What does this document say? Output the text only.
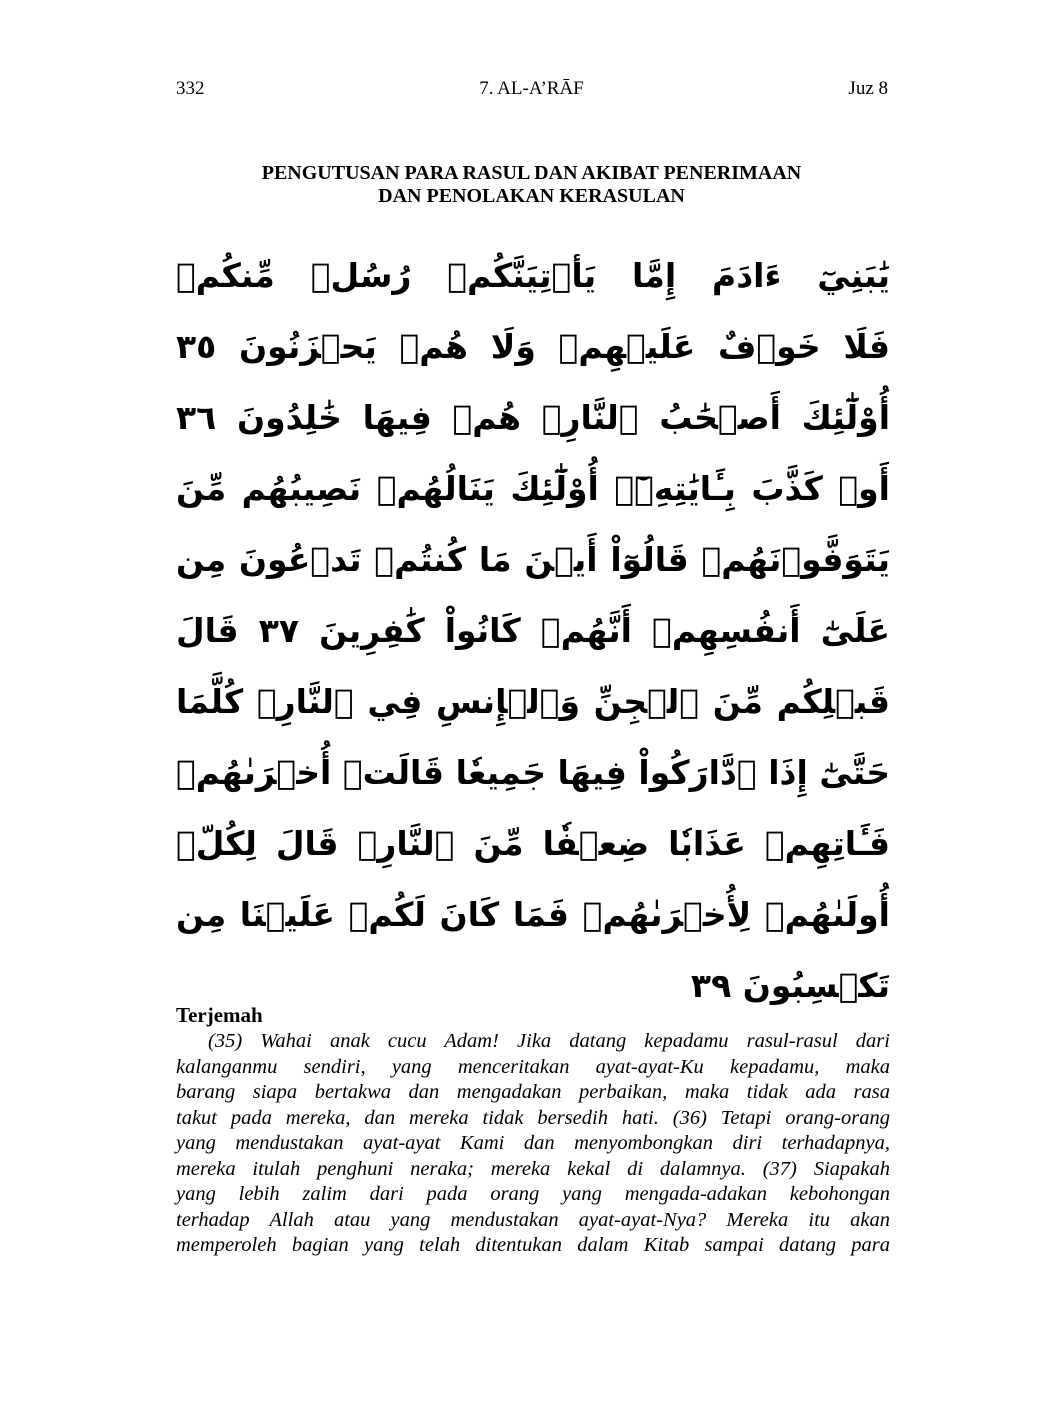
332	7. AL-A’RĀF	Juz 8
PENGUTUSAN PARA RASUL DAN AKIBAT PENERIMAAN
DAN PENOLAKAN KERASULAN
يَٰبَنِيٓ ءَادَمَ إِمَّا يَأۡتِيَنَّكُمۡ رُسُلٞ مِّنكُمۡ
فَلَا خَوۡفٌ عَلَيۡهِمۡ وَلَا هُمۡ يَحۡزَنُونَ ٣٥
أُوْلَٰٓئِكَ أَصۡحَٰبُ ٱلنَّارِۖ هُمۡ فِيهَا خَٰلِدُونَ ٣٦
أَوۡ كَذَّبَ بِـَٔايَٰتِهِۦٓۚ أُوْلَٰٓئِكَ يَنَالُهُمۡ نَصِيبُهُم مِّنَ
يَتَوَفَّوۡنَهُمۡ قَالُوٓاْ أَيۡنَ مَا كُنتُمۡ تَدۡعُونَ مِن
عَلَىٰٓ أَنفُسِهِمۡ أَنَّهُمۡ كَانُواْ كَٰفِرِينَ ٣٧ قَالَ
قَبۡلِكُم مِّنَ ٱلۡجِنِّ وَٱلۡإِنسِ فِي ٱلنَّارِۖ كُلَّمَا
حَتَّىٰٓ إِذَا ٱدَّارَكُواْ فِيهَا جَمِيعٗا قَالَتۡ أُخۡرَىٰهُمۡ
فَـَٔاتِهِمۡ عَذَابٗا ضِعۡفٗا مِّنَ ٱلنَّارِۖ قَالَ لِكُلّٖ
أُولَىٰهُمۡ لِأُخۡرَىٰهُمۡ فَمَا كَانَ لَكُمۡ عَلَيۡنَا مِن
تَكۡسِبُونَ ٣٩
Terjemah
(35) Wahai anak cucu Adam! Jika datang kepadamu rasul-rasul dari
kalanganmu sendiri, yang menceritakan ayat-ayat-Ku kepadamu, maka
barang siapa bertakwa dan mengadakan perbaikan, maka tidak ada rasa
takut pada mereka, dan mereka tidak bersedih hati. (36) Tetapi orang-orang
yang mendustakan ayat-ayat Kami dan menyombongkan diri terhadapnya,
mereka itulah penghuni neraka; mereka kekal di dalamnya. (37) Siapakah
yang lebih zalim dari pada orang yang mengada-adakan kebohongan
terhadap Allah atau yang mendustakan ayat-ayat-Nya? Mereka itu akan
memperoleh bagian yang telah ditentukan dalam Kitab sampai datang para
